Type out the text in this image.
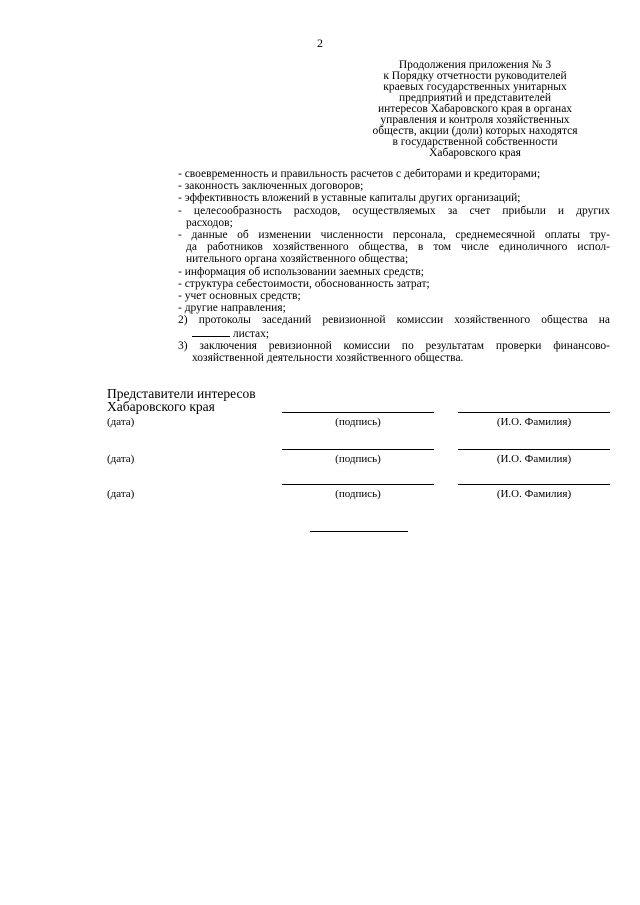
2
Продолжения приложения № 3
к Порядку отчетности руководителей
краевых государственных унитарных
предприятий и представителей
интересов Хабаровского края в органах
управления и контроля хозяйственных
обществ, акции (доли) которых находятся
в государственной собственности
Хабаровского края
- своевременность и правильность расчетов с дебиторами и кредиторами;
- законность заключенных договоров;
- эффективность вложений в уставные капиталы других организаций;
- целесообразность расходов, осуществляемых за счет прибыли и других
расходов;
- данные об изменении численности персонала, среднемесячной оплаты тру-
да работников хозяйственного общества, в том числе единоличного испол-
нительного органа хозяйственного общества;
- информация об использовании заемных средств;
- структура себестоимости, обоснованность затрат;
- учет основных средств;
- другие направления;
2) протоколы заседаний ревизионной комиссии хозяйственного общества на
листах;
3) заключения ревизионной комиссии по результатам проверки финансово-
хозяйственной деятельности хозяйственного общества.
Представители интересов
Хабаровского края
(дата)	(подпись)	(И.О. Фамилия)
(дата)	(подпись)	(И.О. Фамилия)
(дата)	(подпись)	(И.О. Фамилия)
